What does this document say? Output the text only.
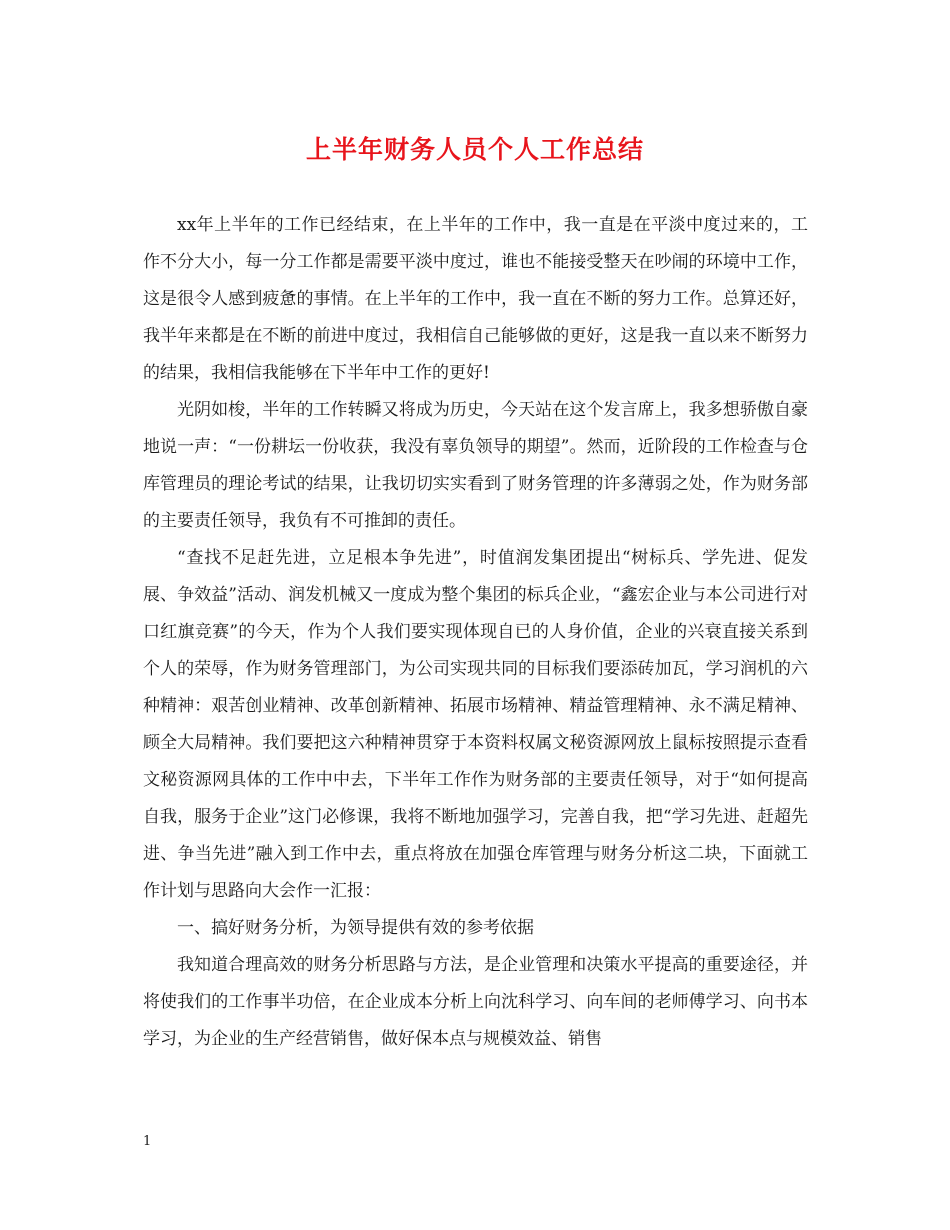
上半年财务人员个人工作总结

xx年上半年的工作已经结束，在上半年的工作中，我一直是在平淡中度过来的，工作不分大小，每一分工作都是需要平淡中度过，谁也不能接受整天在吵闹的环境中工作，这是很令人感到疲惫的事情。在上半年的工作中，我一直在不断的努力工作。总算还好，我半年来都是在不断的前进中度过，我相信自己能够做的更好，这是我一直以来不断努力的结果，我相信我能够在下半年中工作的更好!

光阴如梭，半年的工作转瞬又将成为历史，今天站在这个发言席上，我多想骄傲自豪地说一声：“一份耕坛一份收获，我没有辜负领导的期望”。然而，近阶段的工作检查与仓库管理员的理论考试的结果，让我切切实实看到了财务管理的许多薄弱之处，作为财务部的主要责任领导，我负有不可推卸的责任。

“查找不足赶先进，立足根本争先进”，时值润发集团提出“树标兵、学先进、促发展、争效益”活动、润发机械又一度成为整个集团的标兵企业，“鑫宏企业与本公司进行对口红旗竞赛”的今天，作为个人我们要实现体现自已的人身价值，企业的兴衰直接关系到个人的荣辱，作为财务管理部门，为公司实现共同的目标我们要添砖加瓦，学习润机的六种精神：艰苦创业精神、改革创新精神、拓展市场精神、精益管理精神、永不满足精神、顾全大局精神。我们要把这六种精神贯穿于本资料权属文秘资源网放上鼠标按照提示查看文秘资源网具体的工作中中去，下半年工作作为财务部的主要责任领导，对于“如何提高自我，服务于企业”这门必修课，我将不断地加强学习，完善自我，把“学习先进、赶超先进、争当先进”融入到工作中去，重点将放在加强仓库管理与财务分析这二块，下面就工作计划与思路向大会作一汇报：

一、搞好财务分析，为领导提供有效的参考依据

我知道合理高效的财务分析思路与方法，是企业管理和决策水平提高的重要途径，并将使我们的工作事半功倍，在企业成本分析上向沈科学习、向车间的老师傅学习、向书本学习，为企业的生产经营销售，做好保本点与规模效益、销售

1
